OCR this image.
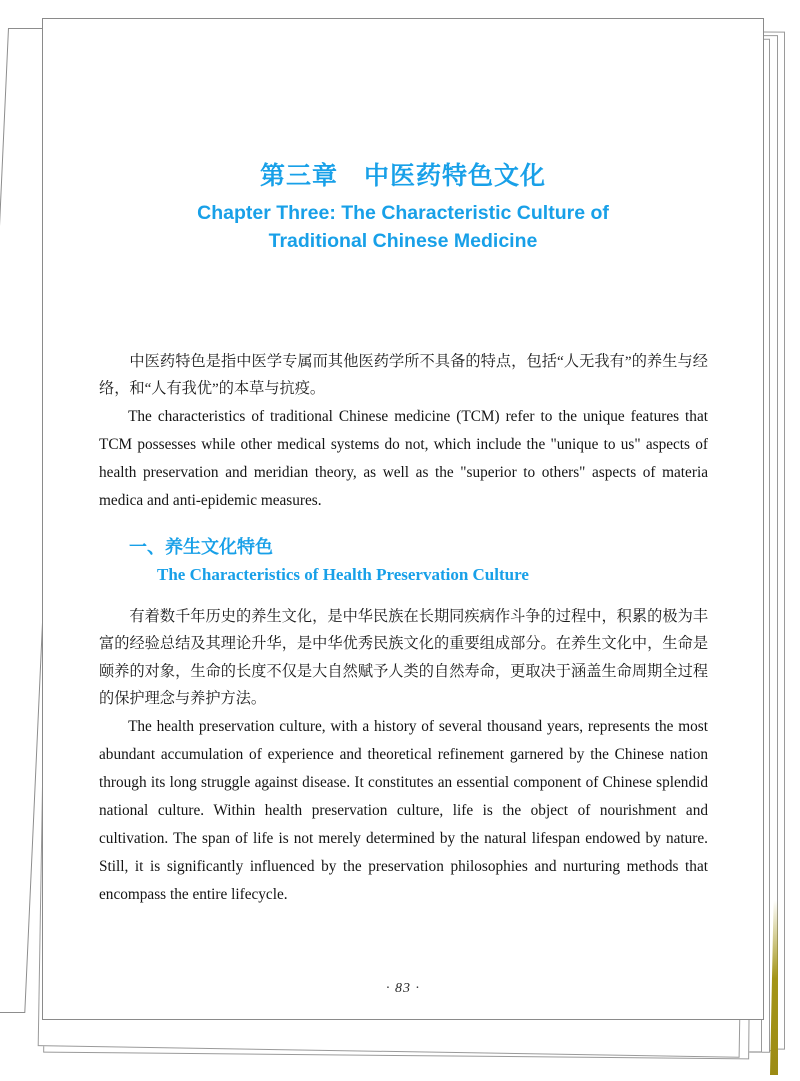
第三章　中医药特色文化
Chapter Three: The Characteristic Culture of
Traditional Chinese Medicine

中医药特色是指中医学专属而其他医药学所不具备的特点，包括“人无我有”的养生与经络，和“人有我优”的本草与抗疫。

The characteristics of traditional Chinese medicine (TCM) refer to the unique features that TCM possesses while other medical systems do not, which include the "unique to us" aspects of health preservation and meridian theory, as well as the "superior to others" aspects of materia medica and anti-epidemic measures.

一、养生文化特色
The Characteristics of Health Preservation Culture

有着数千年历史的养生文化，是中华民族在长期同疾病作斗争的过程中，积累的极为丰富的经验总结及其理论升华，是中华优秀民族文化的重要组成部分。在养生文化中，生命是颐养的对象，生命的长度不仅是大自然赋予人类的自然寿命，更取决于涵盖生命周期全过程的保护理念与养护方法。

The health preservation culture, with a history of several thousand years, represents the most abundant accumulation of experience and theoretical refinement garnered by the Chinese nation through its long struggle against disease. It constitutes an essential component of Chinese splendid national culture. Within health preservation culture, life is the object of nourishment and cultivation. The span of life is not merely determined by the natural lifespan endowed by nature. Still, it is significantly influenced by the preservation philosophies and nurturing methods that encompass the entire lifecycle.

· 83 ·
